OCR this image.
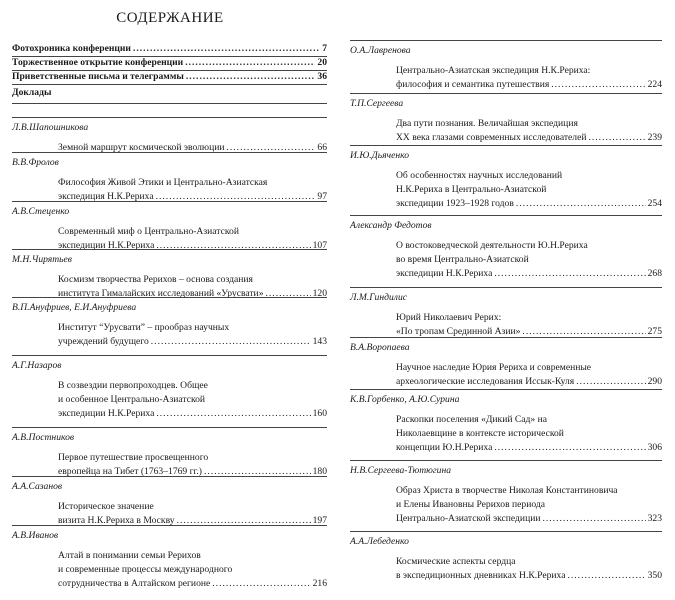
СОДЕРЖАНИЕ
Фотохроника конференции .....	7
Торжественное открытие конференции .....	20
Приветственные письма и телеграммы .....	36
Доклады
Л.В.Шапошникова
Земной маршрут космической эволюции .....	66
В.В.Фролов
Философия Живой Этики и Центрально-Азиатская
экспедиция Н.К.Рериха .....	97
А.В.Стеценко
Современный миф о Центрально-Азиатской
экспедиции Н.К.Рериха .....	107
М.Н.Чирятьев
Космизм творчества Рерихов – основа создания
института Гималайских исследований «Урусвати» .....	120
В.П.Ануфриев, Е.И.Ануфриева
Институт “Урусвати” – прообраз научных
учреждений будущего .....	143
А.Г.Назаров
В созвездии первопроходцев. Общее
и особенное Центрально-Азиатской
экспедиции Н.К.Рериха .....	160
А.В.Постников
Первое путешествие просвещенного
европейца на Тибет (1763–1769 гг.) .....	180
А.А.Сазанов
Историческое значение
визита Н.К.Рериха в Москву .....	197
А.В.Иванов
Алтай в понимании семьи Рерихов
и современные процессы международного
сотрудничества в Алтайском регионе .....	216
О.А.Лавренова
Центрально-Азиатская экспедиция Н.К.Рериха:
философия и семантика путешествия .....	224
Т.П.Сергеева
Два пути познания. Величайшая экспедиция
XX века глазами современных исследователей .....	239
И.Ю.Дьяченко
Об особенностях научных исследований
Н.К.Рериха в Центрально-Азиатской
экспедиции 1923–1928 годов .....	254
Александр Федотов
О востоковедческой деятельности Ю.Н.Рериха
во время Центрально-Азиатской
экспедиции Н.К.Рериха .....	268
Л.М.Гиндилис
Юрий Николаевич Рерих:
«По тропам Срединной Азии» .....	275
В.А.Воропаева
Научное наследие Юрия Рериха и современные
археологические исследования Иссык-Куля .....	290
К.В.Горбенко, А.Ю.Сурина
Раскопки поселения «Дикий Сад» на
Николаевщине в контексте исторической
концепции Ю.Н.Рериха .....	306
Н.В.Сергеева-Тютюгина
Образ Христа в творчестве Николая Константиновича
и Елены Ивановны Рерихов периода
Центрально-Азиатской экспедиции .....	323
А.А.Лебеденко
Космические аспекты сердца
в экспедиционных дневниках Н.К.Рериха .....	350
